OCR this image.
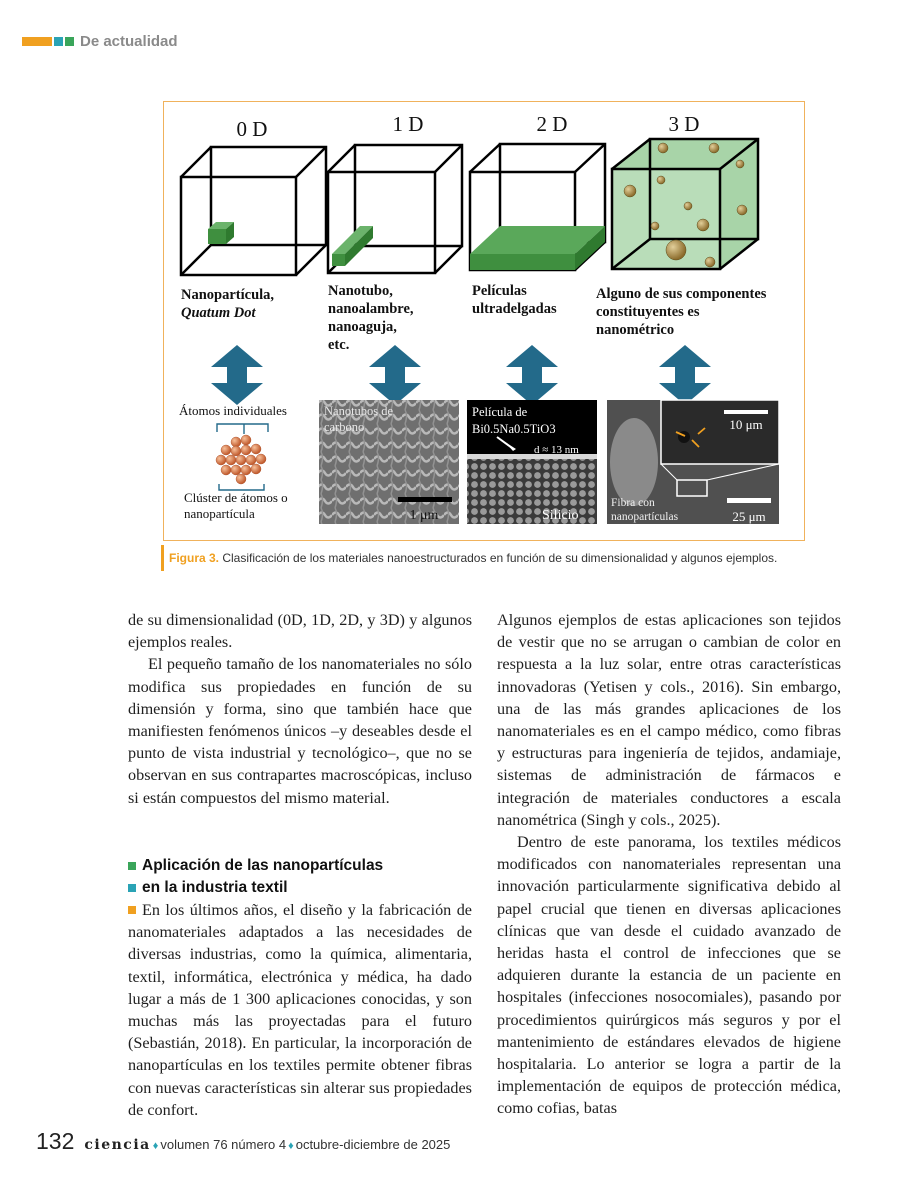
De actualidad
0 D	1 D	2 D	3 D
Nanopartícula,
Quatum Dot
Nanotubo,
nanoalambre,
nanoaguja,
etc.
Películas
ultradelgadas
Alguno de sus componentes
constituyentes es
nanométrico
Átomos individuales
Clúster de átomos o
nanopartícula
Nanotubos de
carbono
1 μm
Película de
Bi0.5Na0.5TiO3
d ≈ 13 nm
Silicio
10 μm
Fibra con
nanopartículas	25 μm
Figura 3. Clasificación de los materiales nanoestructurados en función de su dimensionalidad y algunos ejemplos.

de su dimensionalidad (0D, 1D, 2D, y 3D) y algunos ejemplos reales.

El pequeño tamaño de los nanomateriales no sólo modifica sus propiedades en función de su dimensión y forma, sino que también hace que manifiesten fenómenos únicos –y deseables desde el punto de vista industrial y tecnológico–, que no se observan en sus contrapartes macroscópicas, incluso si están compuestos del mismo material.

Aplicación de las nanopartículas
en la industria textil
En los últimos años, el diseño y la fabricación de nanomateriales adaptados a las necesidades de diversas industrias, como la química, alimentaria, textil, informática, electrónica y médica, ha dado lugar a más de 1 300 aplicaciones conocidas, y son muchas más las proyectadas para el futuro (Sebastián, 2018). En particular, la incorporación de nanopartículas en los textiles permite obtener fibras con nuevas características sin alterar sus propiedades de confort.

Algunos ejemplos de estas aplicaciones son tejidos de vestir que no se arrugan o cambian de color en respuesta a la luz solar, entre otras características innovadoras (Yetisen y cols., 2016). Sin embargo, una de las más grandes aplicaciones de los nanomateriales es en el campo médico, como fibras y estructuras para ingeniería de tejidos, andamiaje, sistemas de administración de fármacos e integración de materiales conductores a escala nanométrica (Singh y cols., 2025).

Dentro de este panorama, los textiles médicos modificados con nanomateriales representan una innovación particularmente significativa debido al papel crucial que tienen en diversas aplicaciones clínicas que van desde el cuidado avanzado de heridas hasta el control de infecciones que se adquieren durante la estancia de un paciente en hospitales (infecciones nosocomiales), pasando por procedimientos quirúrgicos más seguros y por el mantenimiento de estándares elevados de higiene hospitalaria. Lo anterior se logra a partir de la implementación de equipos de protección médica, como cofias, batas

132 ciencia ♦ volumen 76 número 4 ♦ octubre-diciembre de 2025
